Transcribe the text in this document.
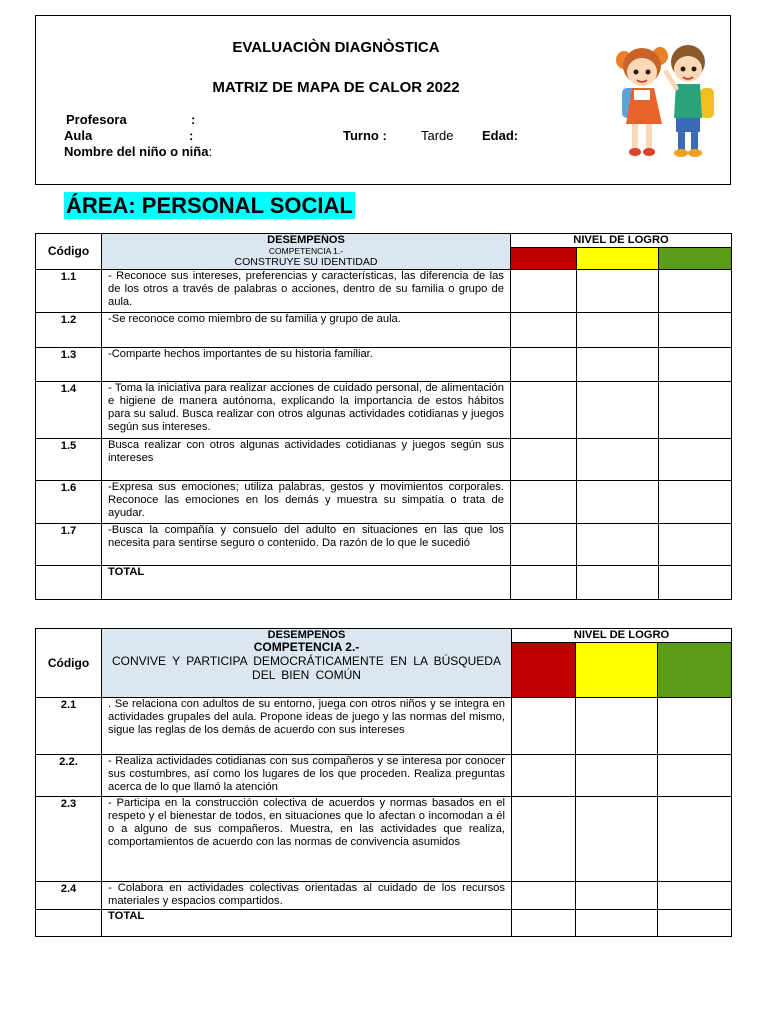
EVALUACIÒN DIAGNÒSTICA
MATRIZ DE MAPA DE CALOR 2022
Profesora	:
Aula	:	Turno :	Tarde Edad:
Nombre del niño o niña:
ÁREA: PERSONAL SOCIAL
Código	DESEMPEÑOS
COMPETENCIA 1.-
CONSTRUYE SU IDENTIDAD	NIVEL DE LOGRO		

1.1	- Reconoce sus intereses, preferencias y características, las diferencia de las de los otros a través de palabras o acciones, dentro de su familia o grupo de aula.			
1.2	-Se reconoce como miembro de su familia y grupo de aula.			
1.3	-Comparte hechos importantes de su historia familiar.			
1.4	- Toma la iniciativa para realizar acciones de cuidado personal, de alimentación e higiene de manera autónoma, explicando la importancia de estos hábitos para su salud. Busca realizar con otros algunas actividades cotidianas y juegos según sus intereses.			
1.5	Busca realizar con otros algunas actividades cotidianas y juegos según sus intereses			
1.6	-Expresa sus emociones; utiliza palabras, gestos y movimientos corporales. Reconoce las emociones en los demás y muestra su simpatía o trata de ayudar.			
1.7	-Busca la compañía y consuelo del adulto en situaciones en las que los necesita para sentirse seguro o contenido. Da razón de lo que le sucedió			
	TOTAL			
Código	DESEMPEÑOS
COMPETENCIA 2.-
CONVIVE Y PARTICIPA DEMOCRÁTICAMENTE EN LA BÚSQUEDA DEL BIEN COMÚN	NIVEL DE LOGRO		

2.1	. Se relaciona con adultos de su entorno, juega con otros niños y se integra en actividades grupales del aula. Propone ideas de juego y las normas del mismo, sigue las reglas de los demás de acuerdo con sus intereses			
2.2.	- Realiza actividades cotidianas con sus compañeros y se interesa por conocer sus costumbres, así como los lugares de los que proceden. Realiza preguntas acerca de lo que llamó la atención			
2.3	- Participa en la construcción colectiva de acuerdos y normas basados en el respeto y el bienestar de todos, en situaciones que lo afectan o incomodan a él o a alguno de sus compañeros. Muestra, en las actividades que realiza, comportamientos de acuerdo con las normas de convivencia asumidos			
2.4	- Colabora en actividades colectivas orientadas al cuidado de los recursos materiales y espacios compartidos.			
	TOTAL			
